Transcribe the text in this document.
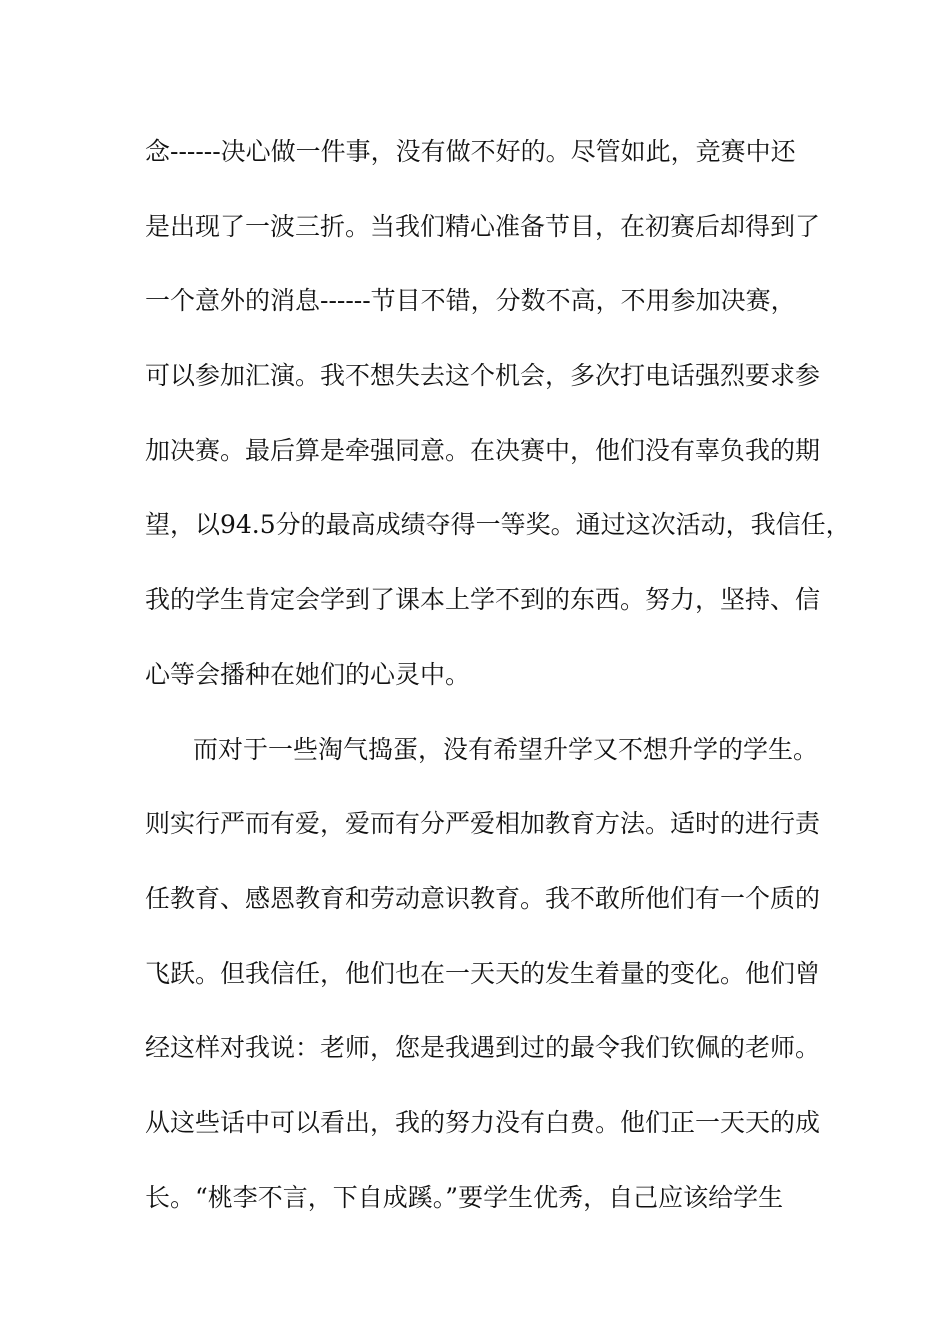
念------决心做一件事，没有做不好的。尽管如此，竞赛中还
是出现了一波三折。当我们精心准备节目，在初赛后却得到了
一个意外的消息------节目不错，分数不高，不用参加决赛，
可以参加汇演。我不想失去这个机会，多次打电话强烈要求参
加决赛。最后算是牵强同意。在决赛中，他们没有辜负我的期
望，以94.5分的最高成绩夺得一等奖。通过这次活动，我信任，
我的学生肯定会学到了课本上学不到的东西。努力，坚持、信
心等会播种在她们的心灵中。
而对于一些淘气捣蛋，没有希望升学又不想升学的学生。
则实行严而有爱，爱而有分严爱相加教育方法。适时的进行责
任教育、感恩教育和劳动意识教育。我不敢所他们有一个质的
飞跃。但我信任，他们也在一天天的发生着量的变化。他们曾
经这样对我说：老师，您是我遇到过的最令我们钦佩的老师。
从这些话中可以看出，我的努力没有白费。他们正一天天的成
长。“桃李不言，下自成蹊。”要学生优秀，自己应该给学生
